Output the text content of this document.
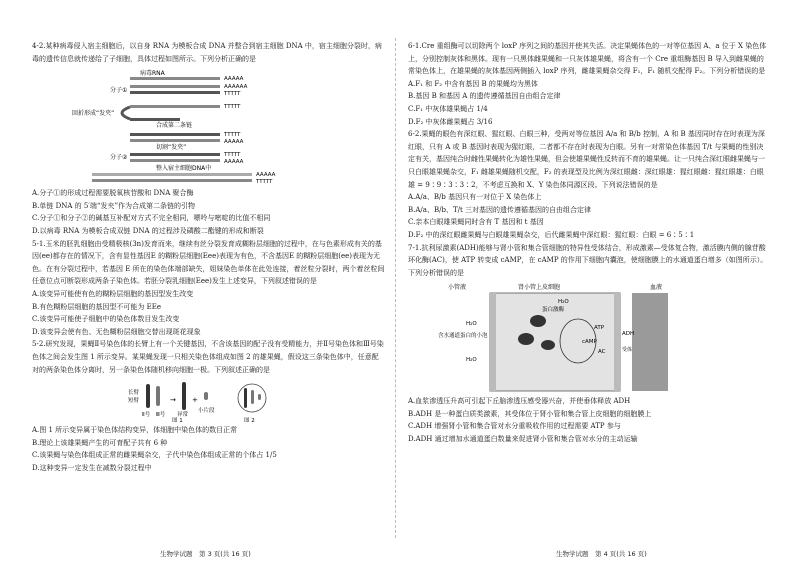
4-2.某种病毒侵入宿主细胞后，以自身 RNA 为模板合成 DNA 并整合到宿主细胞 DNA 中，宿主细胞分裂时，病毒的遗传信息就传递给了子细胞，具体过程如图所示。下列分析正确的是

病毒RNA
AAAAA
分子①	AAAAAA
TTTTT
回折形成“发夹”
合成第二条链
TTTTT
切割“发夹”
TTTTT
AAAAA
分子②	TTTTT
AAAAA
整入宿主细胞DNA中
AAAAA
TTTTT

A.分子①的形成过程需要脱氧核苷酸和 DNA 聚合酶

B.单链 DNA 的 5′端“发夹”作为合成第二条链的引物

C.分子①和分子②的碱基互补配对方式不完全相同，嘌呤与嘧啶的比值不相同

D.以病毒 RNA 为模板合成双链 DNA 的过程涉及磷酸二酯键的形成和断裂

5-1.玉米的胚乳细胞由受精极核(3n)发育而来，继续有丝分裂发育成糊粉层细胞的过程中，在与色素形成有关的基因(ee)都存在的情况下，含有显性基因E 的糊粉层细胞(Eee)表现为有色，不含基因E 的糊粉层细胞(ee)表现为无色。在有分裂过程中，若基因 E 所在的染色体端部缺失，姐妹染色单体在此处连接，着丝粒分裂时，两个着丝粒间任意位点可断裂形成两条子染色体。若胚分裂乳细胞(Eee)发生上述变异，下列叙述错误的是

A.该变异可能使有色的糊粉层细胞的基因型发生改变

B.有色糊粉层细胞的基因型不可能为 EEe

C.该变异可能使子细胞中的染色体数目发生改变

D.该变异会使有色、无色糊粉层细胞交替出现斑花现象

5-2.研究发现，果蝇Ⅱ号染色体的长臂上有一个关键基因，不含该基因的配子没有受精能力，并Ⅱ号染色体和Ⅲ号染色体之间会发生图 1 所示变异。某果蝇发现一只相关染色体组成如图 2 的雄果蝇，假设这三条染色体中，任意配对的两条染色体分离时，另一条染色体随机移向细胞一极。下列叙述正确的是

长臂
短臂
Ⅱ号 Ⅲ号
→
异常
+
小片段
图 1	图 2

A.图 1 所示变异属于染色体结构变异，体细胞中染色体的数目正常

B.理论上该雄果蝇产生的可育配子共有 6 种

C.该果蝇与染色体组成正常的雌果蝇杂交，子代中染色体组成正常的个体占 1/5

D.这种变异一定发生在减数分裂过程中

6-1.Cre 重组酶可以切除两个 loxP 序列之间的基因并使其失活。决定果蝇体色的一对等位基因 A、a 位于 X 染色体上，分别控制灰体和黑体。现有一只黑体雌果蝇和一只灰体雄果蝇，将含有一个 Cre 重组酶基因 B 导入到雌果蝇的常染色体上，在雄果蝇的灰体基因两侧插入 loxP 序列，雌雄果蝇杂交得 F₁，F₁ 随机交配得 F₂。下列分析错误的是

A.F₁ 和 F₂ 中含有基因 B 的果蝇均为黑体

B.基因 B 和基因 A 的遗传遵循基因自由组合定律

C.F₁ 中灰体雄果蝇占 1/4

D.F₂ 中灰体雌果蝇占 3/16

6-2.果蝇的眼色有深红眼、猩红眼、白眼三种，受两对等位基因 A/a 和 B/b 控制，A 和 B 基因同时存在时表现为深红眼，只有 A 或 B 基因时表现为猩红眼，二者都不存在时表现为白眼。另有一对常染色体基因 T/t 与果蝇的性别决定有关，基因纯合时雌性果蝇转化为雄性果蝇，但会使雄果蝇性反转而不育的雄果蝇。让一只纯合深红眼雌果蝇与一只白眼雄果蝇杂交，F₁ 雌雄果蝇随机交配，F₂ 的表现型及比例为深红眼雌：深红眼雄：猩红眼雌：猩红眼雄：白眼雄 = 9∶9∶3∶3∶2，不考虑互换和 X、Y 染色体同源区段。下列说法错误的是

A.A/a、B/b 基因只有一对位于 X 染色体上

B.A/a、B/b、T/t 三对基因的遗传遵循基因的自由组合定律

C.亲本白眼雄果蝇同时含有 T 基因和 t 基因

D.F₂ 中的深红眼雌果蝇与白眼雄果蝇杂交，后代雌果蝇中深红眼：猩红眼：白眼 = 6∶5∶1

7-1.抗利尿激素(ADH)能够与肾小管和集合管细胞的特异性受体结合，形成激素—受体复合物，激活膜内侧的腺苷酸环化酶(AC)，使 ATP 转变成 cAMP，在 cAMP 的作用下细胞内囊泡，使细胞膜上的水通道蛋白增多（如图所示）。下列分析错误的是

小管液	肾小管上皮细胞	血液
蛋白激酶
含水通道蛋白的小泡
H₂O
H₂O
H₂O
ADH
AC
ATP
cAMP
受体

A.血浆渗透压升高可引起下丘脑渗透压感受器兴奋，并使垂体释放 ADH

B.ADH 是一种蛋白质类激素，其受体位于肾小管和集合管上皮细胞的细胞膜上

C.ADH 增强肾小管和集合管对水分重吸收作用的过程需要 ATP 参与

D.ADH 通过增加水通道蛋白数量来促进肾小管和集合管对水分的主动运输

生物学试题　第 3 页(共 16 页)	生物学试题　第 4 页(共 16 页)
